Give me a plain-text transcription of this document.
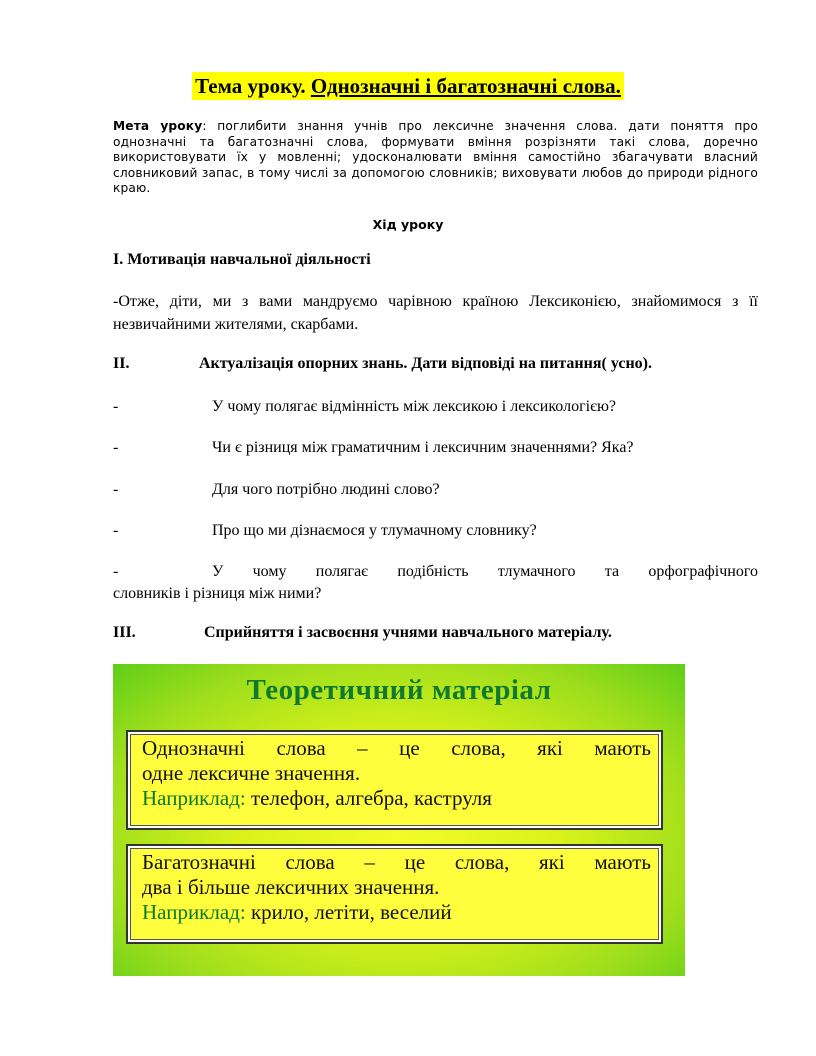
Тема уроку. Однозначні і багатозначні слова.
Мета уроку: поглибити знання учнів про лексичне значення слова. дати поняття про однозначні та багатозначні слова, формувати вміння розрізняти такі слова, доречно використовувати їх у мовленні; удосконалювати вміння самостійно збагачувати власний словниковий запас, в тому числі за допомогою словників; виховувати любов до природи рідного краю.
Хід уроку
I. Мотивація навчальної діяльності
-Отже, діти, ми з вами мандруємо чарівною країною Лексиконією, знайомимося з її незвичайними жителями, скарбами.
II.	Актуалізація опорних знань. Дати відповіді на питання( усно).
-	У чому полягає відмінність між лексикою і лексикологією?
-	Чи є різниця між граматичним і лексичним значеннями? Яка?
-	Для чого потрібно людині слово?
-	Про що ми дізнаємося у тлумачному словнику?
-	У чому полягає подібність тлумачного та орфографічного
словників і різниця між ними?
III.	Сприйняття і засвоєння учнями навчального матеріалу.
Теоретичний матеріал
Однозначні слова – це слова, які мають
одне лексичне значення.
Наприклад: телефон, алгебра, каструля
Багатозначні слова – це слова, які мають
два і більше лексичних значення.
Наприклад: крило, летіти, веселий
